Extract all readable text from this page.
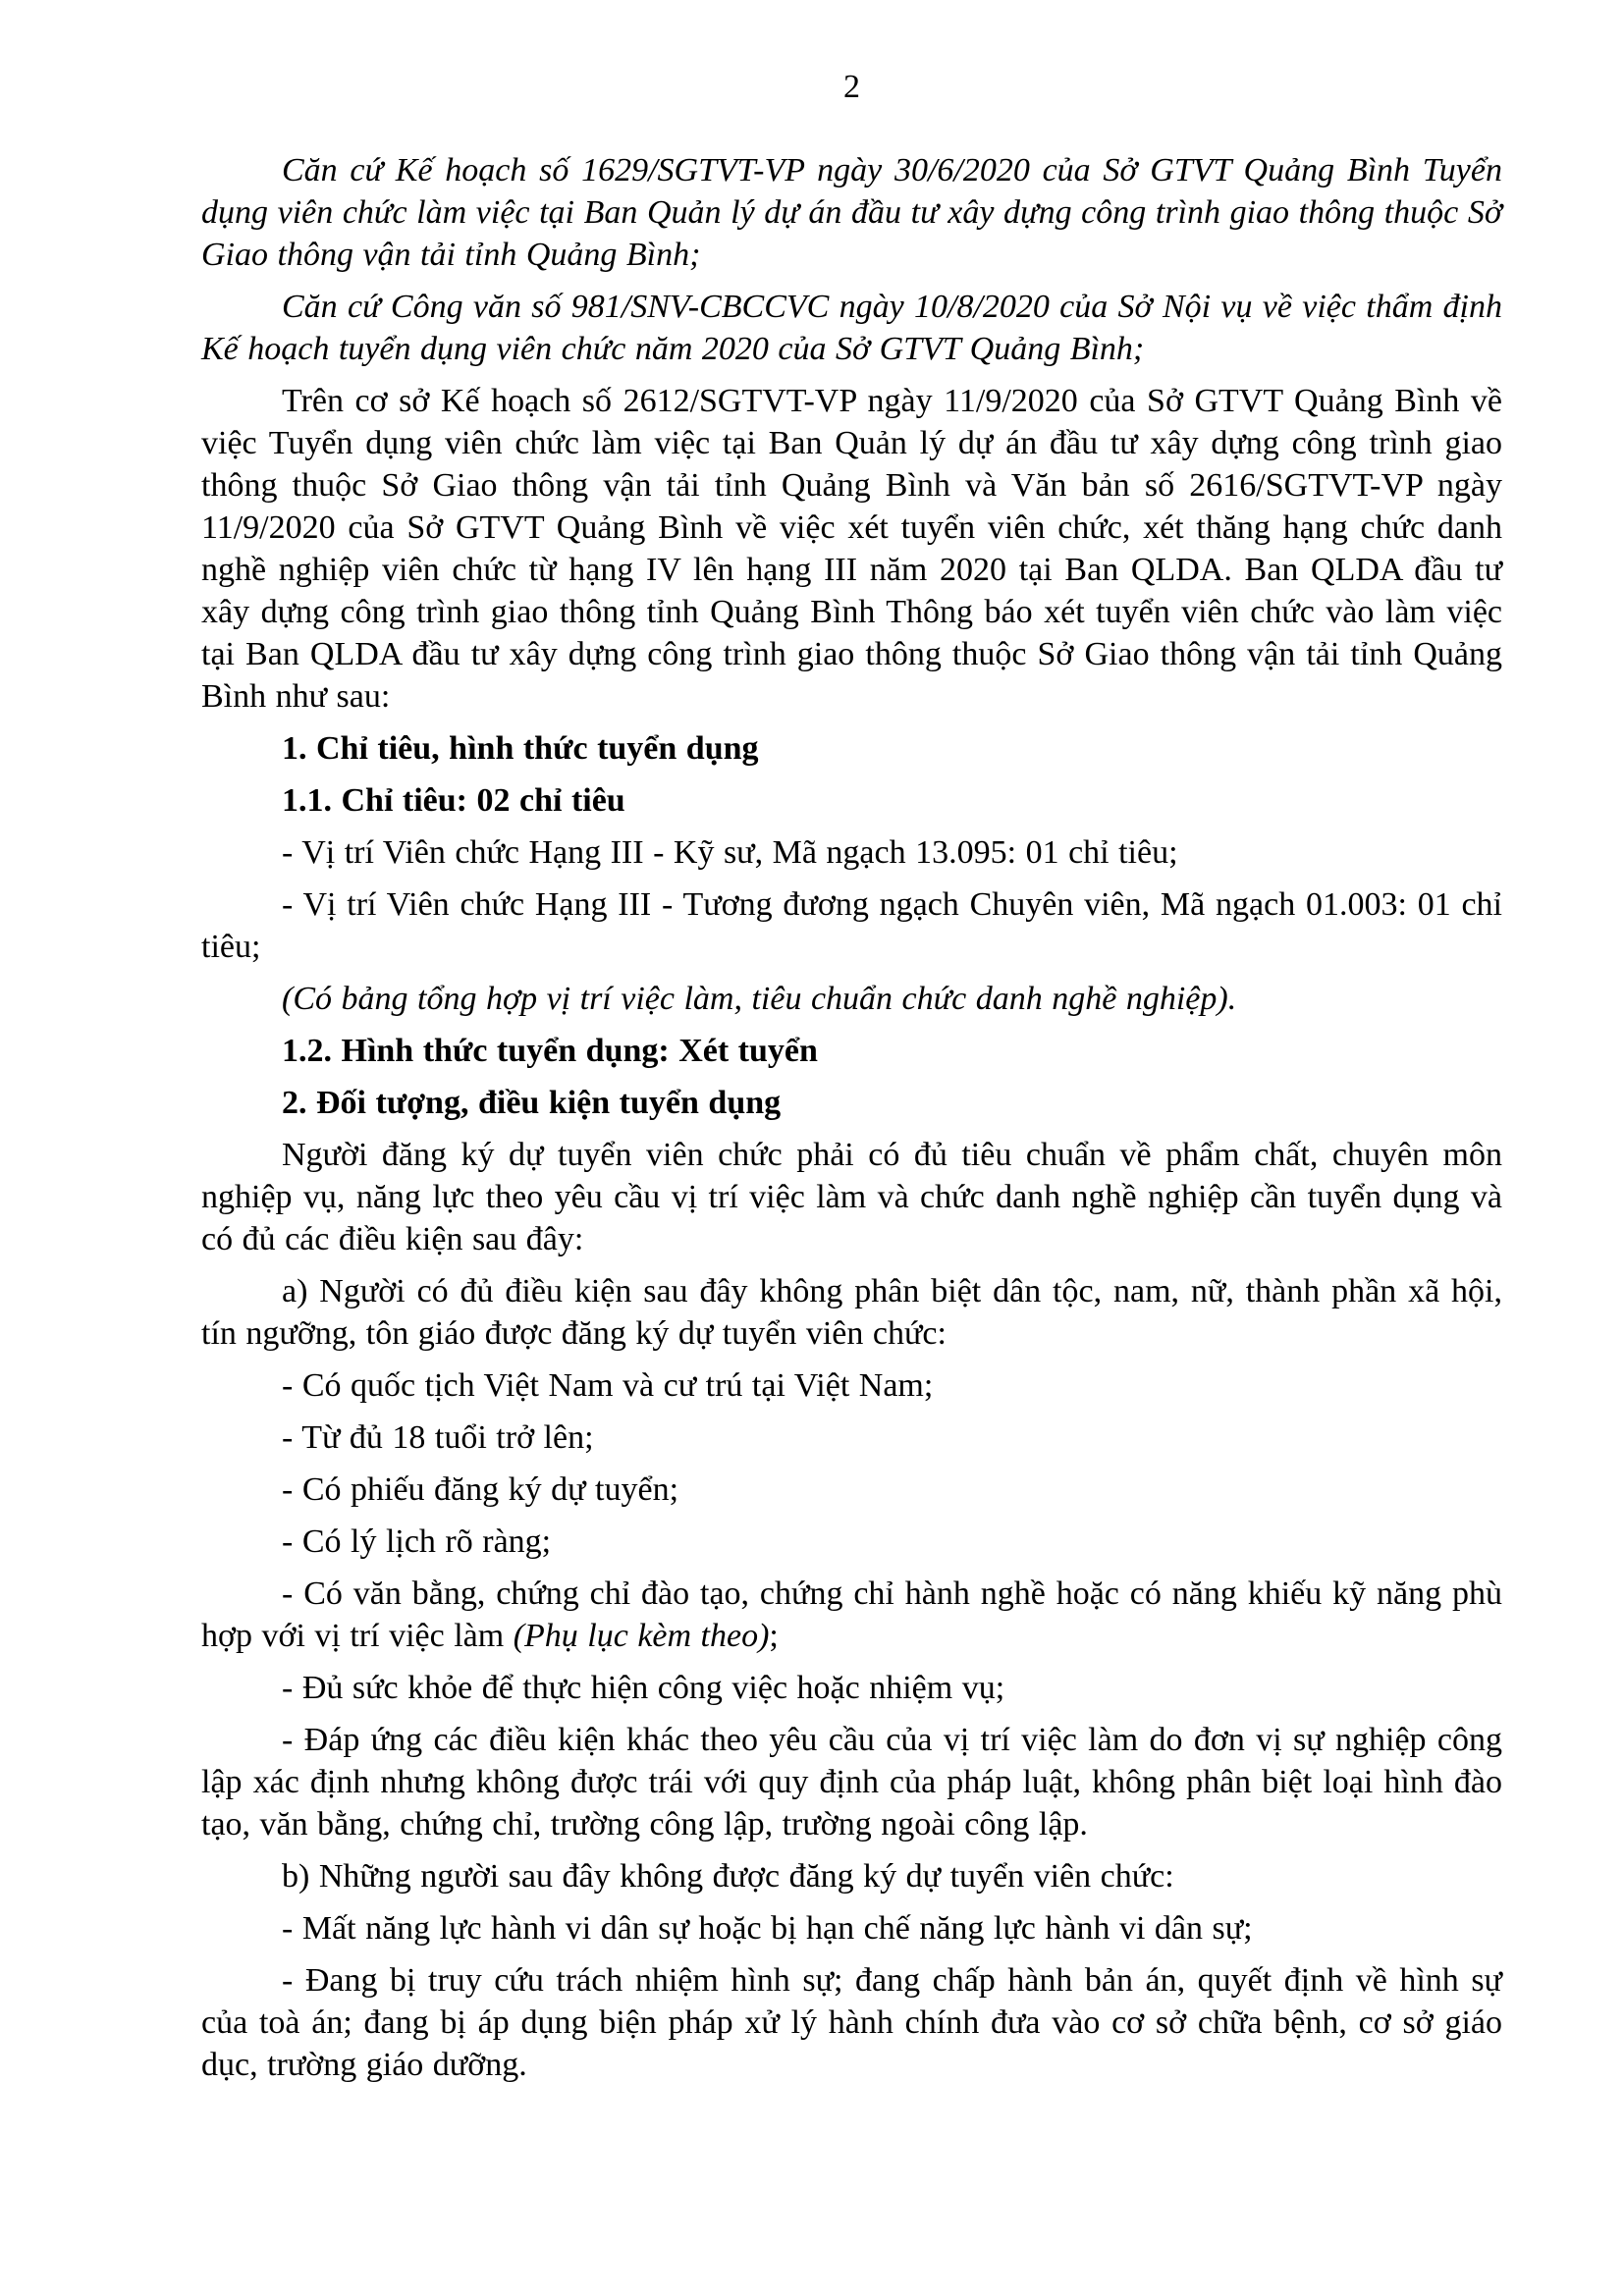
2

Căn cứ Kế hoạch số 1629/SGTVT-VP ngày 30/6/2020 của Sở GTVT Quảng Bình Tuyển dụng viên chức làm việc tại Ban Quản lý dự án đầu tư xây dựng công trình giao thông thuộc Sở Giao thông vận tải tỉnh Quảng Bình;

Căn cứ Công văn số 981/SNV-CBCCVC ngày 10/8/2020 của Sở Nội vụ về việc thẩm định Kế hoạch tuyển dụng viên chức năm 2020 của Sở GTVT Quảng Bình;

Trên cơ sở Kế hoạch số 2612/SGTVT-VP ngày 11/9/2020 của Sở GTVT Quảng Bình về việc Tuyển dụng viên chức làm việc tại Ban Quản lý dự án đầu tư xây dựng công trình giao thông thuộc Sở Giao thông vận tải tỉnh Quảng Bình và Văn bản số 2616/SGTVT-VP ngày 11/9/2020 của Sở GTVT Quảng Bình về việc xét tuyển viên chức, xét thăng hạng chức danh nghề nghiệp viên chức từ hạng IV lên hạng III năm 2020 tại Ban QLDA. Ban QLDA đầu tư xây dựng công trình giao thông tỉnh Quảng Bình Thông báo xét tuyển viên chức vào làm việc tại Ban QLDA đầu tư xây dựng công trình giao thông thuộc Sở Giao thông vận tải tỉnh Quảng Bình như sau:

1. Chỉ tiêu, hình thức tuyển dụng

1.1. Chỉ tiêu: 02 chỉ tiêu

- Vị trí Viên chức Hạng III - Kỹ sư, Mã ngạch 13.095: 01 chỉ tiêu;

- Vị trí Viên chức Hạng III - Tương đương ngạch Chuyên viên, Mã ngạch 01.003: 01 chỉ tiêu;

(Có bảng tổng hợp vị trí việc làm, tiêu chuẩn chức danh nghề nghiệp).

1.2. Hình thức tuyển dụng: Xét tuyển

2. Đối tượng, điều kiện tuyển dụng

Người đăng ký dự tuyển viên chức phải có đủ tiêu chuẩn về phẩm chất, chuyên môn nghiệp vụ, năng lực theo yêu cầu vị trí việc làm và chức danh nghề nghiệp cần tuyển dụng và có đủ các điều kiện sau đây:

a) Người có đủ điều kiện sau đây không phân biệt dân tộc, nam, nữ, thành phần xã hội, tín ngưỡng, tôn giáo được đăng ký dự tuyển viên chức:

- Có quốc tịch Việt Nam và cư trú tại Việt Nam;

- Từ đủ 18 tuổi trở lên;

- Có phiếu đăng ký dự tuyển;

- Có lý lịch rõ ràng;

- Có văn bằng, chứng chỉ đào tạo, chứng chỉ hành nghề hoặc có năng khiếu kỹ năng phù hợp với vị trí việc làm (Phụ lục kèm theo);

- Đủ sức khỏe để thực hiện công việc hoặc nhiệm vụ;

- Đáp ứng các điều kiện khác theo yêu cầu của vị trí việc làm do đơn vị sự nghiệp công lập xác định nhưng không được trái với quy định của pháp luật, không phân biệt loại hình đào tạo, văn bằng, chứng chỉ, trường công lập, trường ngoài công lập.

b) Những người sau đây không được đăng ký dự tuyển viên chức:

- Mất năng lực hành vi dân sự hoặc bị hạn chế năng lực hành vi dân sự;

- Đang bị truy cứu trách nhiệm hình sự; đang chấp hành bản án, quyết định về hình sự của toà án; đang bị áp dụng biện pháp xử lý hành chính đưa vào cơ sở chữa bệnh, cơ sở giáo dục, trường giáo dưỡng.
